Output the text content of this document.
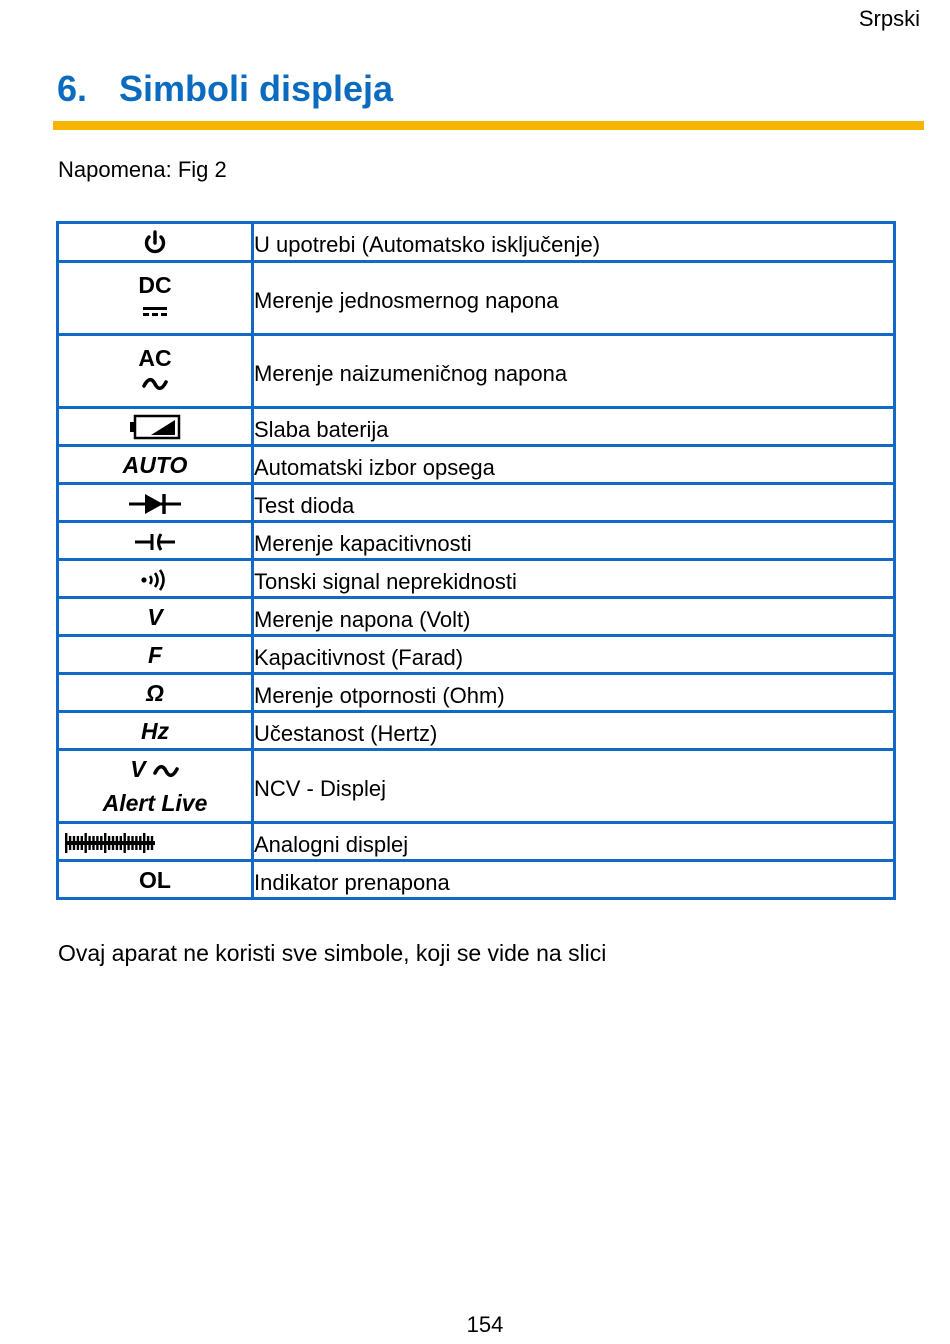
Srpski
6. Simboli displeja
Napomena: Fig 2

U upotrebi (Automatsko isključenje)

DC	Merenje jednosmernog napona

AC	Merenje naizumeničnog napona

Slaba baterija

AUTO	Automatski izbor opsega

Test dioda

Merenje kapacitivnosti

Tonski signal neprekidnosti

V	Merenje napona (Volt)

F	Kapacitivnost (Farad)

Ω	Merenje otpornosti (Ohm)

Hz	Učestanost (Hertz)

V
Alert Live	NCV - Displej

Analogni displej

OL	Indikator prenapona
Ovaj aparat ne koristi sve simbole, koji se vide na slici
154
